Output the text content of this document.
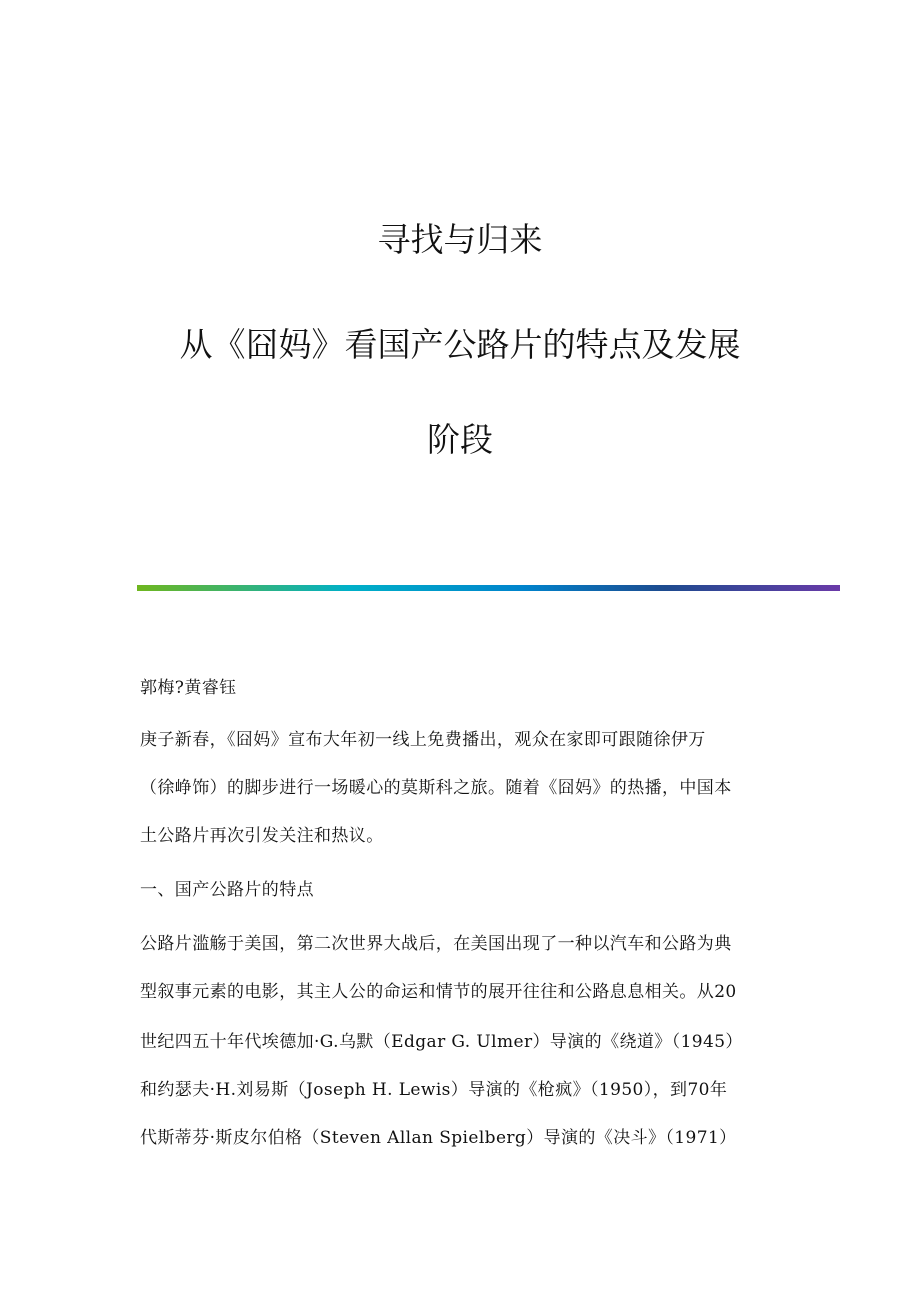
寻找与归来
从《囧妈》看国产公路片的特点及发展
阶段
郭梅?黄睿钰
庚子新春，《囧妈》宣布大年初一线上免费播出，观众在家即可跟随徐伊万
（徐峥饰）的脚步进行一场暖心的莫斯科之旅。随着《囧妈》的热播，中国本
土公路片再次引发关注和热议。
一、国产公路片的特点
公路片滥觞于美国，第二次世界大战后，在美国出现了一种以汽车和公路为典
型叙事元素的电影，其主人公的命运和情节的展开往往和公路息息相关。从20
世纪四五十年代埃德加·G.乌默（Edgar G. Ulmer）导演的《绕道》（1945）
和约瑟夫·H.刘易斯（Joseph H. Lewis）导演的《枪疯》（1950），到70年
代斯蒂芬·斯皮尔伯格（Steven Allan Spielberg）导演的《决斗》（1971）
